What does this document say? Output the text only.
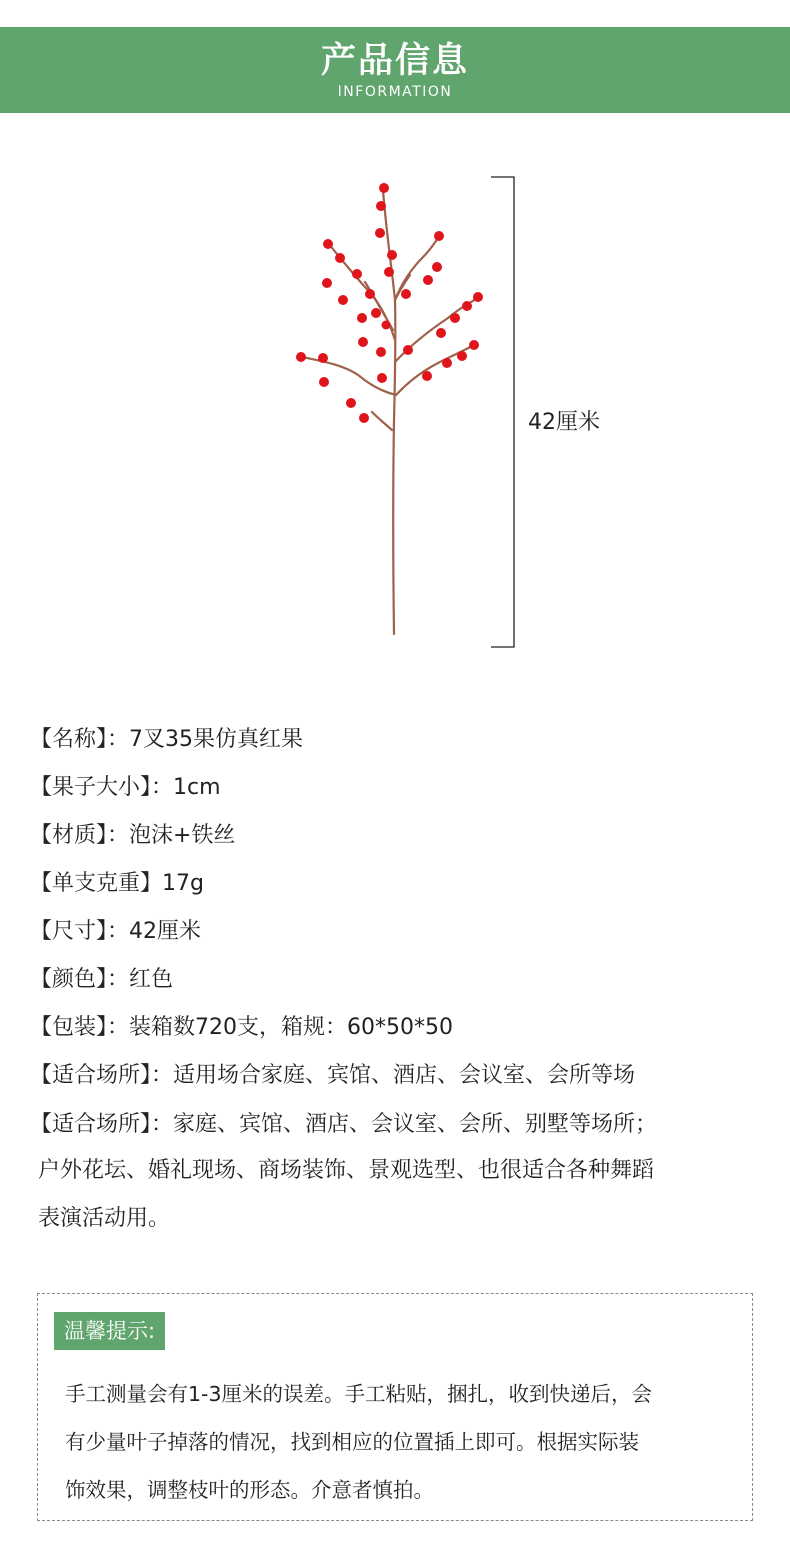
产品信息
INFORMATION
42厘米
【名称】：7叉35果仿真红果
【果子大小】：1cm
【材质】：泡沫+铁丝
【单支克重】17g
【尺寸】：42厘米
【颜色】：红色
【包装】：装箱数720支，箱规：60*50*50
【适合场所】：适用场合家庭、宾馆、酒店、会议室、会所等场
【适合场所】：家庭、宾馆、酒店、会议室、会所、别墅等场所；
户外花坛、婚礼现场、商场装饰、景观选型、也很适合各种舞蹈
表演活动用。
温馨提示:
手工测量会有1-3厘米的误差。手工粘贴，捆扎，收到快递后，会
有少量叶子掉落的情况，找到相应的位置插上即可。根据实际装
饰效果，调整枝叶的形态。介意者慎拍。
